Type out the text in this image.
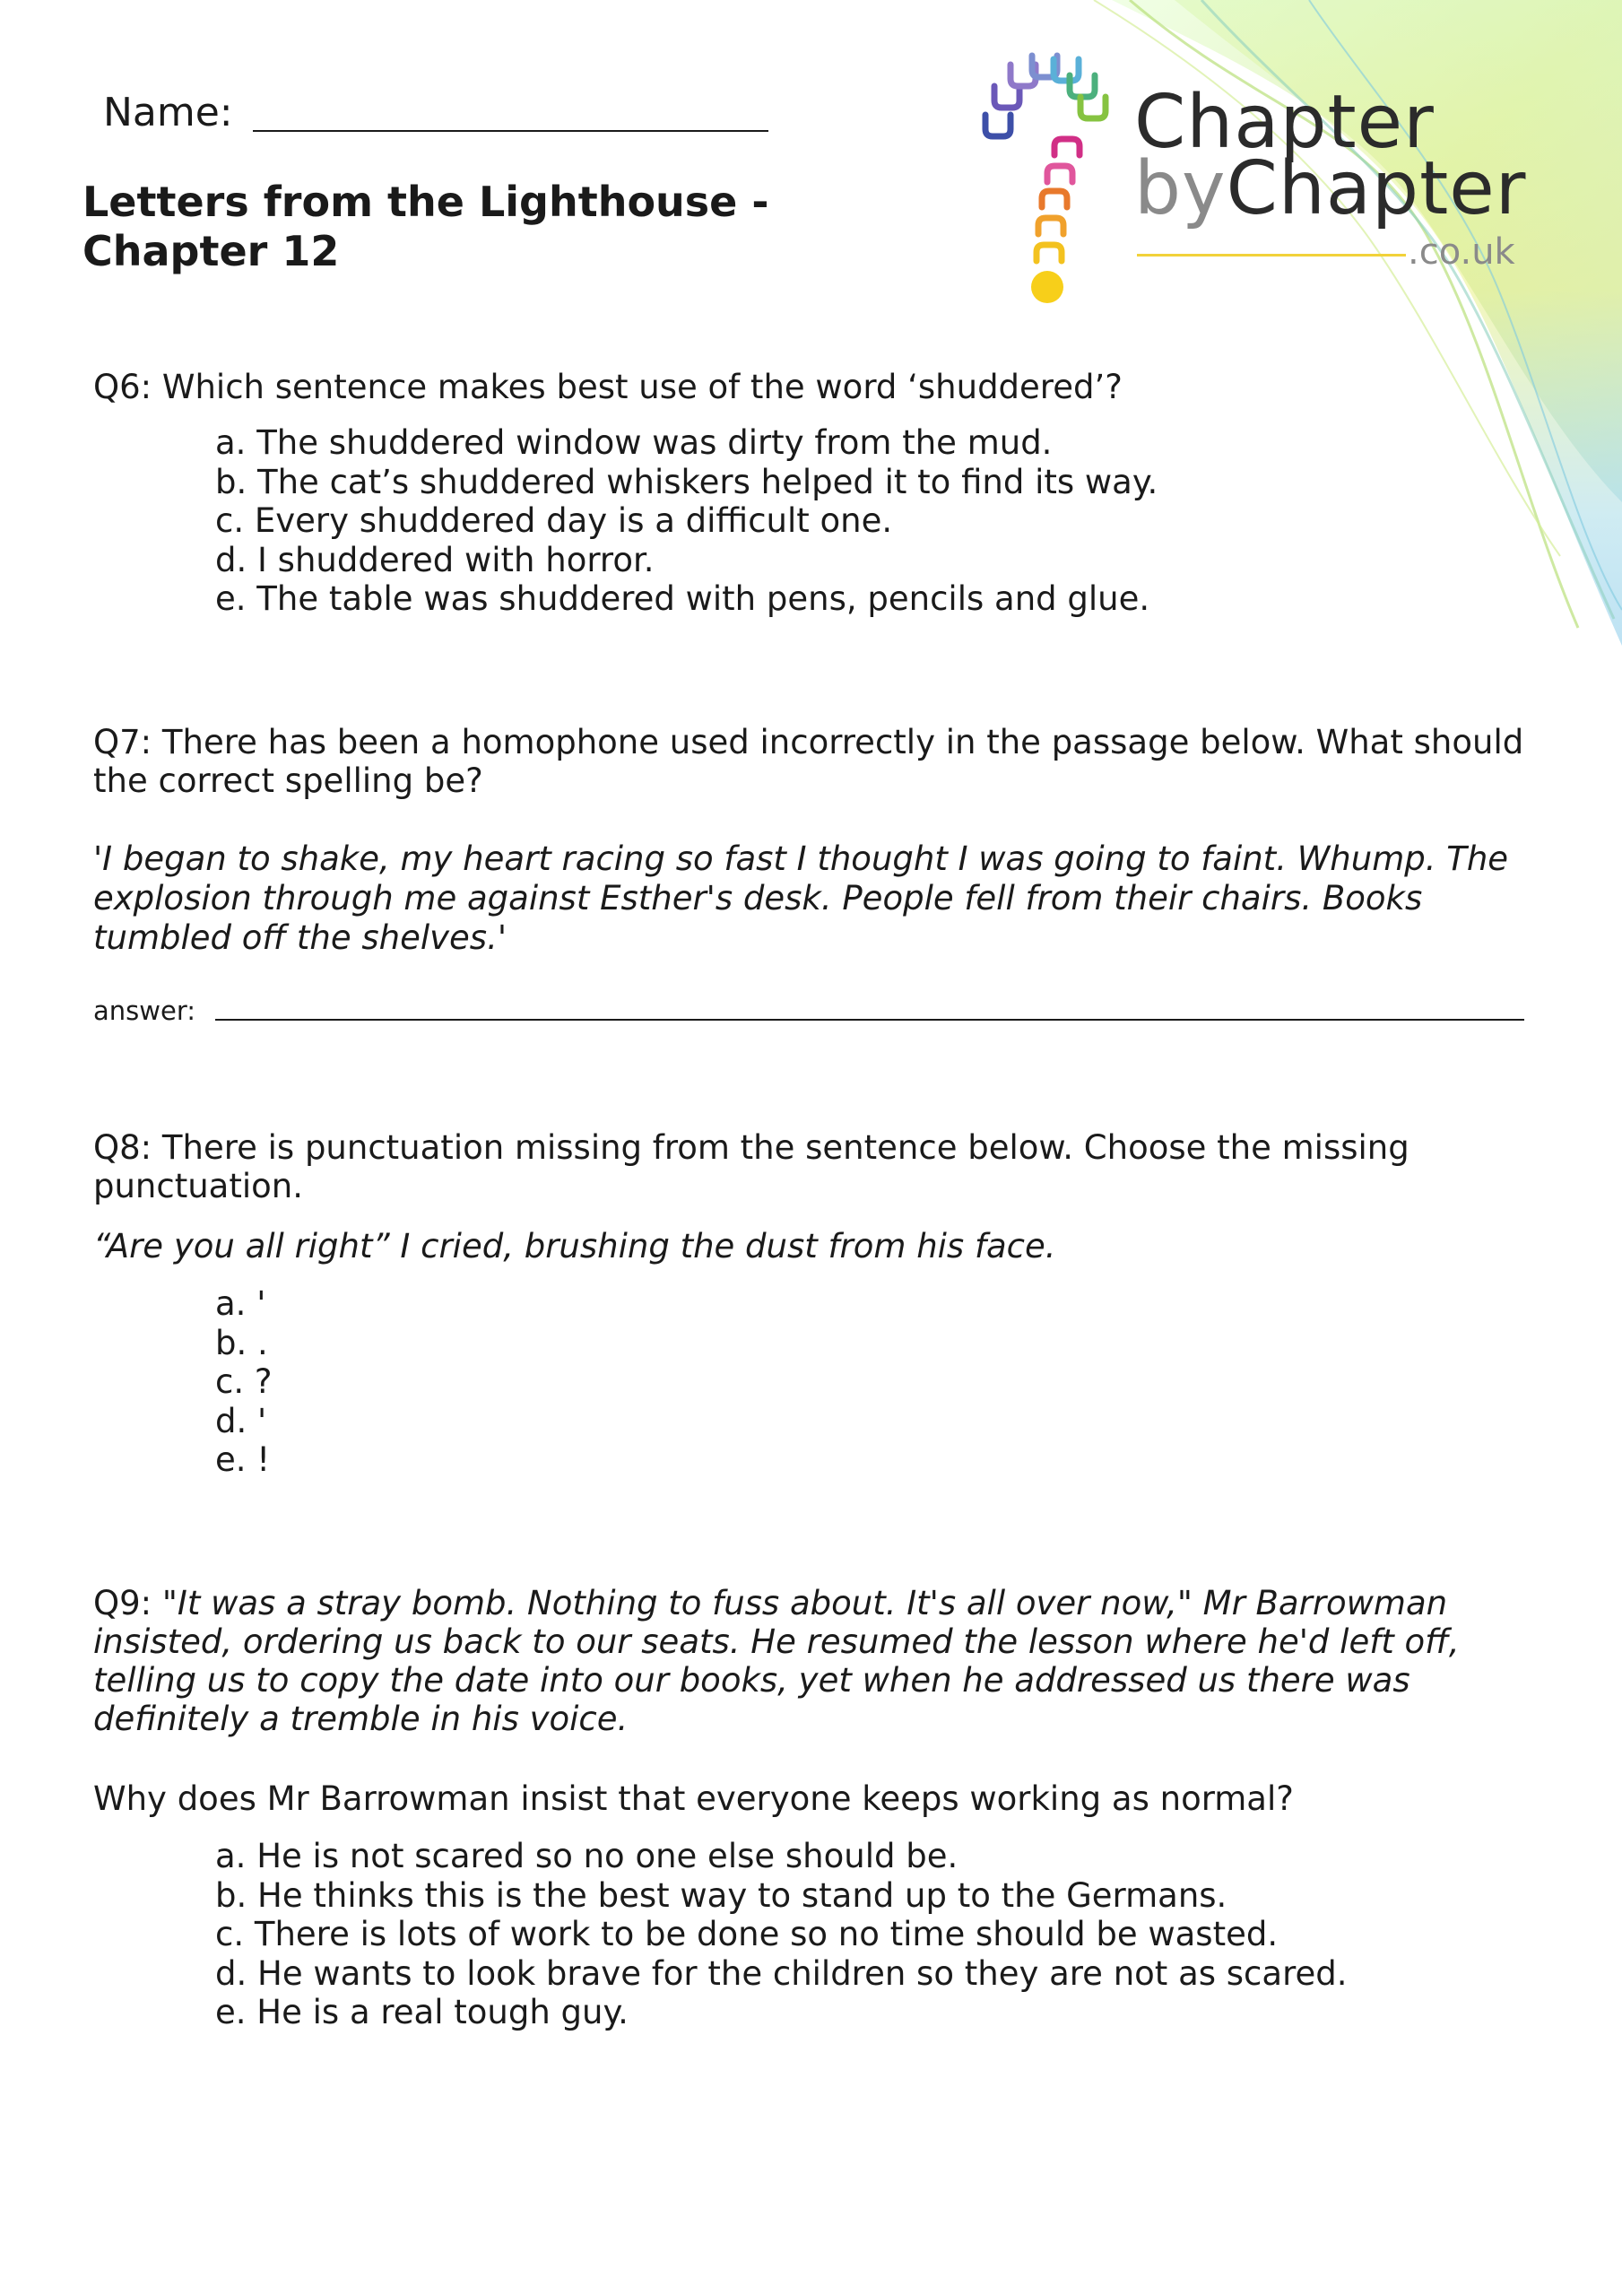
Chapter
byChapter
.co.uk
Name:
Letters from the Lighthouse - Chapter 12
Q6: Which sentence makes best use of the word ‘shuddered’?
a. The shuddered window was dirty from the mud.
b. The cat’s shuddered whiskers helped it to find its way.
c. Every shuddered day is a difficult one.
d. I shuddered with horror.
e. The table was shuddered with pens, pencils and glue.
Q7: There has been a homophone used incorrectly in the passage below. What should the correct spelling be?
'I began to shake, my heart racing so fast I thought I was going to faint. Whump. The explosion through me against Esther's desk. People fell from their chairs. Books tumbled off the shelves.'
answer:
Q8: There is punctuation missing from the sentence below. Choose the missing punctuation.
“Are you all right” I cried, brushing the dust from his face.
a. '
b. .
c. ?
d. '
e. !
Q9: "It was a stray bomb. Nothing to fuss about. It's all over now," Mr Barrowman insisted, ordering us back to our seats. He resumed the lesson where he'd left off, telling us to copy the date into our books, yet when he addressed us there was definitely a tremble in his voice.
Why does Mr Barrowman insist that everyone keeps working as normal?
a. He is not scared so no one else should be.
b. He thinks this is the best way to stand up to the Germans.
c. There is lots of work to be done so no time should be wasted.
d. He wants to look brave for the children so they are not as scared.
e. He is a real tough guy.
